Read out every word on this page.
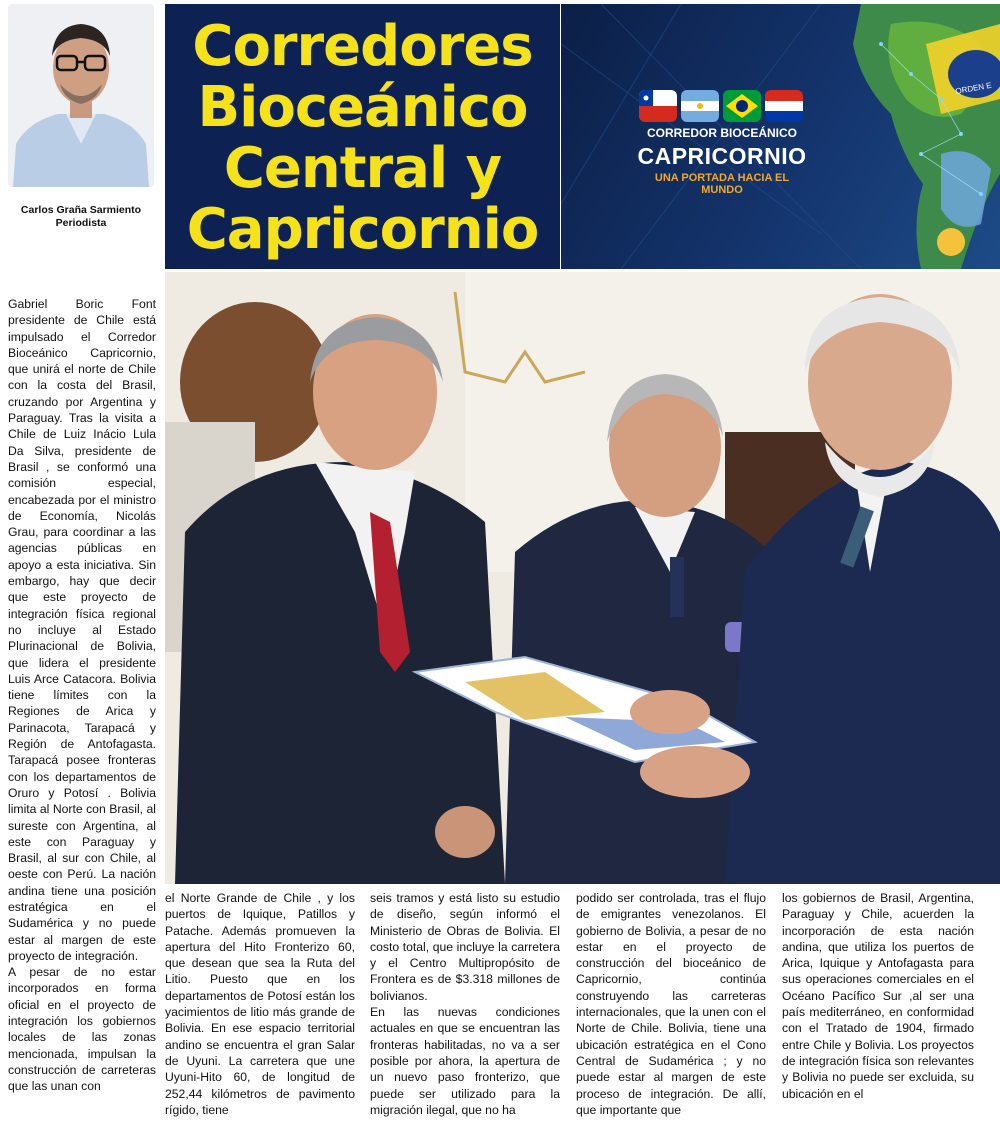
Carlos Graña Sarmiento
Periodista
Corredores
Bioceánico
Central y
Capricornio
ORDEN E
CORREDOR BIOCEÁNICO
CAPRICORNIO
UNA PORTADA HACIA EL MUNDO

Gabriel Boric Font presidente de Chile está impulsado el Corredor Bioceánico Capricornio, que unirá el norte de Chile con la costa del Brasil, cruzando por Argentina y Paraguay. Tras la visita a Chile de Luiz Inácio Lula Da Silva, presidente de Brasil , se conformó una comisión especial, encabezada por el ministro de Economía, Nicolás Grau, para coordinar a las agencias públicas en apoyo a esta iniciativa. Sin embargo, hay que decir que este proyecto de integración física regional no incluye al Estado Plurinacional de Bolivia, que lidera el presidente Luis Arce Catacora. Bolivia tiene límites con la Regiones de Arica y Parinacota, Tarapacá y Región de Antofagasta. Tarapacá posee fronteras con los departamentos de Oruro y Potosí . Bolivia limita al Norte con Brasil, al sureste con Argentina, al este con Paraguay y Brasil, al sur con Chile, al oeste con Perú. La nación andina tiene una posición estratégica en el Sudamérica y no puede estar al margen de este proyecto de integración.

A pesar de no estar incorporados en forma oficial en el proyecto de integración los gobiernos locales de las zonas mencionada, impulsan la construcción de carreteras que las unan con

el Norte Grande de Chile , y los puertos de Iquique, Patillos y Patache. Además promueven la apertura del Hito Fronterizo 60, que desean que sea la Ruta del Litio. Puesto que en los departamentos de Potosí están los yacimientos de litio más grande de Bolivia. En ese espacio territorial andino se encuentra el gran Salar de Uyuni. La carretera que une Uyuni-Hito 60, de longitud de 252,44 kilómetros de pavimento rígido, tiene

seis tramos y está listo su estudio de diseño, según informó el Ministerio de Obras de Bolivia. El costo total, que incluye la carretera y el Centro Multipropósito de Frontera es de $3.318 millones de bolivianos.

En las nuevas condiciones actuales en que se encuentran las fronteras habilitadas, no va a ser posible por ahora, la apertura de un nuevo paso fronterizo, que puede ser utilizado para la migración ilegal, que no ha

podido ser controlada, tras el flujo de emigrantes venezolanos. El gobierno de Bolivia, a pesar de no estar en el proyecto de construcción del bioceánico de Capricornio, continúa construyendo las carreteras internacionales, que la unen con el Norte de Chile. Bolivia, tiene una ubicación estratégica en el Cono Central de Sudamérica ; y no puede estar al margen de este proceso de integración. De allí, que importante que

los gobiernos de Brasil, Argentina, Paraguay y Chile, acuerden la incorporación de esta nación andina, que utiliza los puertos de Arica, Iquique y Antofagasta para sus operaciones comerciales en el Océano Pacífico Sur ,al ser una país mediterráneo, en conformidad con el Tratado de 1904, firmado entre Chile y Bolivia. Los proyectos de integración física son relevantes y Bolivia no puede ser excluida, su ubicación en el
